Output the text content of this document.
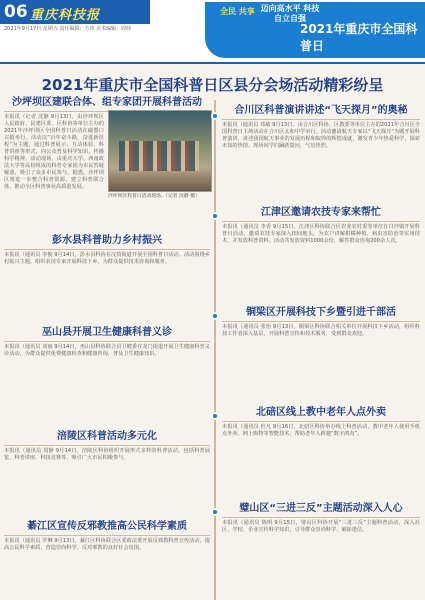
06 重庆科技报
2021年9月17日 星期五 责任编辑：方涛 美术编辑：周炜
全民 共享 迈向高水平 科技自立自强
2021年重庆市全国科普日
2021年重庆市全国科普日区县分会场活动精彩纷呈
沙坪坝区建联合体、组专家团开展科普活动
本报讯（记者 沈静 9月13日，由沙坪坝区人民政府、民建区委、区科协等单位主办的2021年沙坪坝区全国科普日活动在磁器口古镇举行。活动以“百年奋斗路，奋进新征程”为主题，通过科普展示、互动体验、科普讲座等形式，向公众普及科学知识，传播科学精神。活动现场，由重庆大学、西南政法大学等高校组成的科普专家团为市民答疑解惑，吸引了众多市民参与。据悉，沙坪坝区将进一步整合科普资源，建立科普联合体，推动全区科普事业高质量发展。
沙坪坝区科普日活动现场。（记者 沈静 摄）
合川区科普演讲讲述“飞天探月”的奥秘
本报讯（通讯员 邓敏 9月13日，由合川区科协、区教委等单位主办的2021年合川区全国科普日主场活动在合川区太和中学举行。活动邀请航天专家以“飞天探月”为题开展科普演讲，讲述我国航天事业的发展历程和取得的辉煌成就，激发青少年热爱科学、探索未知的热情。现场同学们踊跃提问，气氛热烈。
江津区邀请农技专家来帮忙
本报讯（通讯员 李香 9月15日，江津区科协联合区农业农村委等单位在白沙镇开展科普日活动，邀请农技专家深入田间地头，为农户讲解柑橘种植、病虫害防治等实用技术，并发放科普资料。活动共发放资料1000余份，解答群众咨询200余人次。
彭水县科普助力乡村振兴
本报讯（通讯员 李俊 9月14日，彭水县科协在汉葭街道开展全国科普日活动。活动围绕乡村振兴主题，组织农技专家开展科技下乡，为群众提供技术咨询和服务。
铜梁区开展科技下乡暨引进千部活
本报讯（通讯员 张怡 9月13日，铜梁区科协联合相关单位开展科技下乡活动，组织科技工作者深入基层，开展科普宣传和技术服务，受到群众欢迎。
巫山县开展卫生健康科普义诊
本报讯（通讯员 刘丽 9月14日，巫山县科协联合县卫健委在龙门街道开展卫生健康科普义诊活动，为群众提供免费健康检查和健康咨询，普及卫生健康知识。
北碚区线上教中老年人点外卖
本报讯（通讯员 杜凡 9月16日，北碚区科协举办线上科普活动，教中老年人使用手机点外卖、网上购物等智能技术，帮助老年人跨越“数字鸿沟”。
涪陵区科普活动多元化
本报讯（通讯员 周静 9月14日，涪陵区科协组织开展形式多样的科普活动，包括科普展览、科普讲座、科技竞赛等，吸引广大市民积极参与。
璧山区“三进三反”主题活动深入人心
本报讯（通讯员 陈明 9月15日，璧山区科协开展“三进三反”主题科普活动，深入社区、学校、企业宣传科学知识，引导群众崇尚科学、破除迷信。
綦江区宣传反邪教推高公民科学素质
本报讯（通讯员 罗琳 9月13日，綦江区科协联合区委政法委开展反邪教科普宣传活动，提高公民科学素质，营造崇尚科学、反对邪教的良好社会氛围。
